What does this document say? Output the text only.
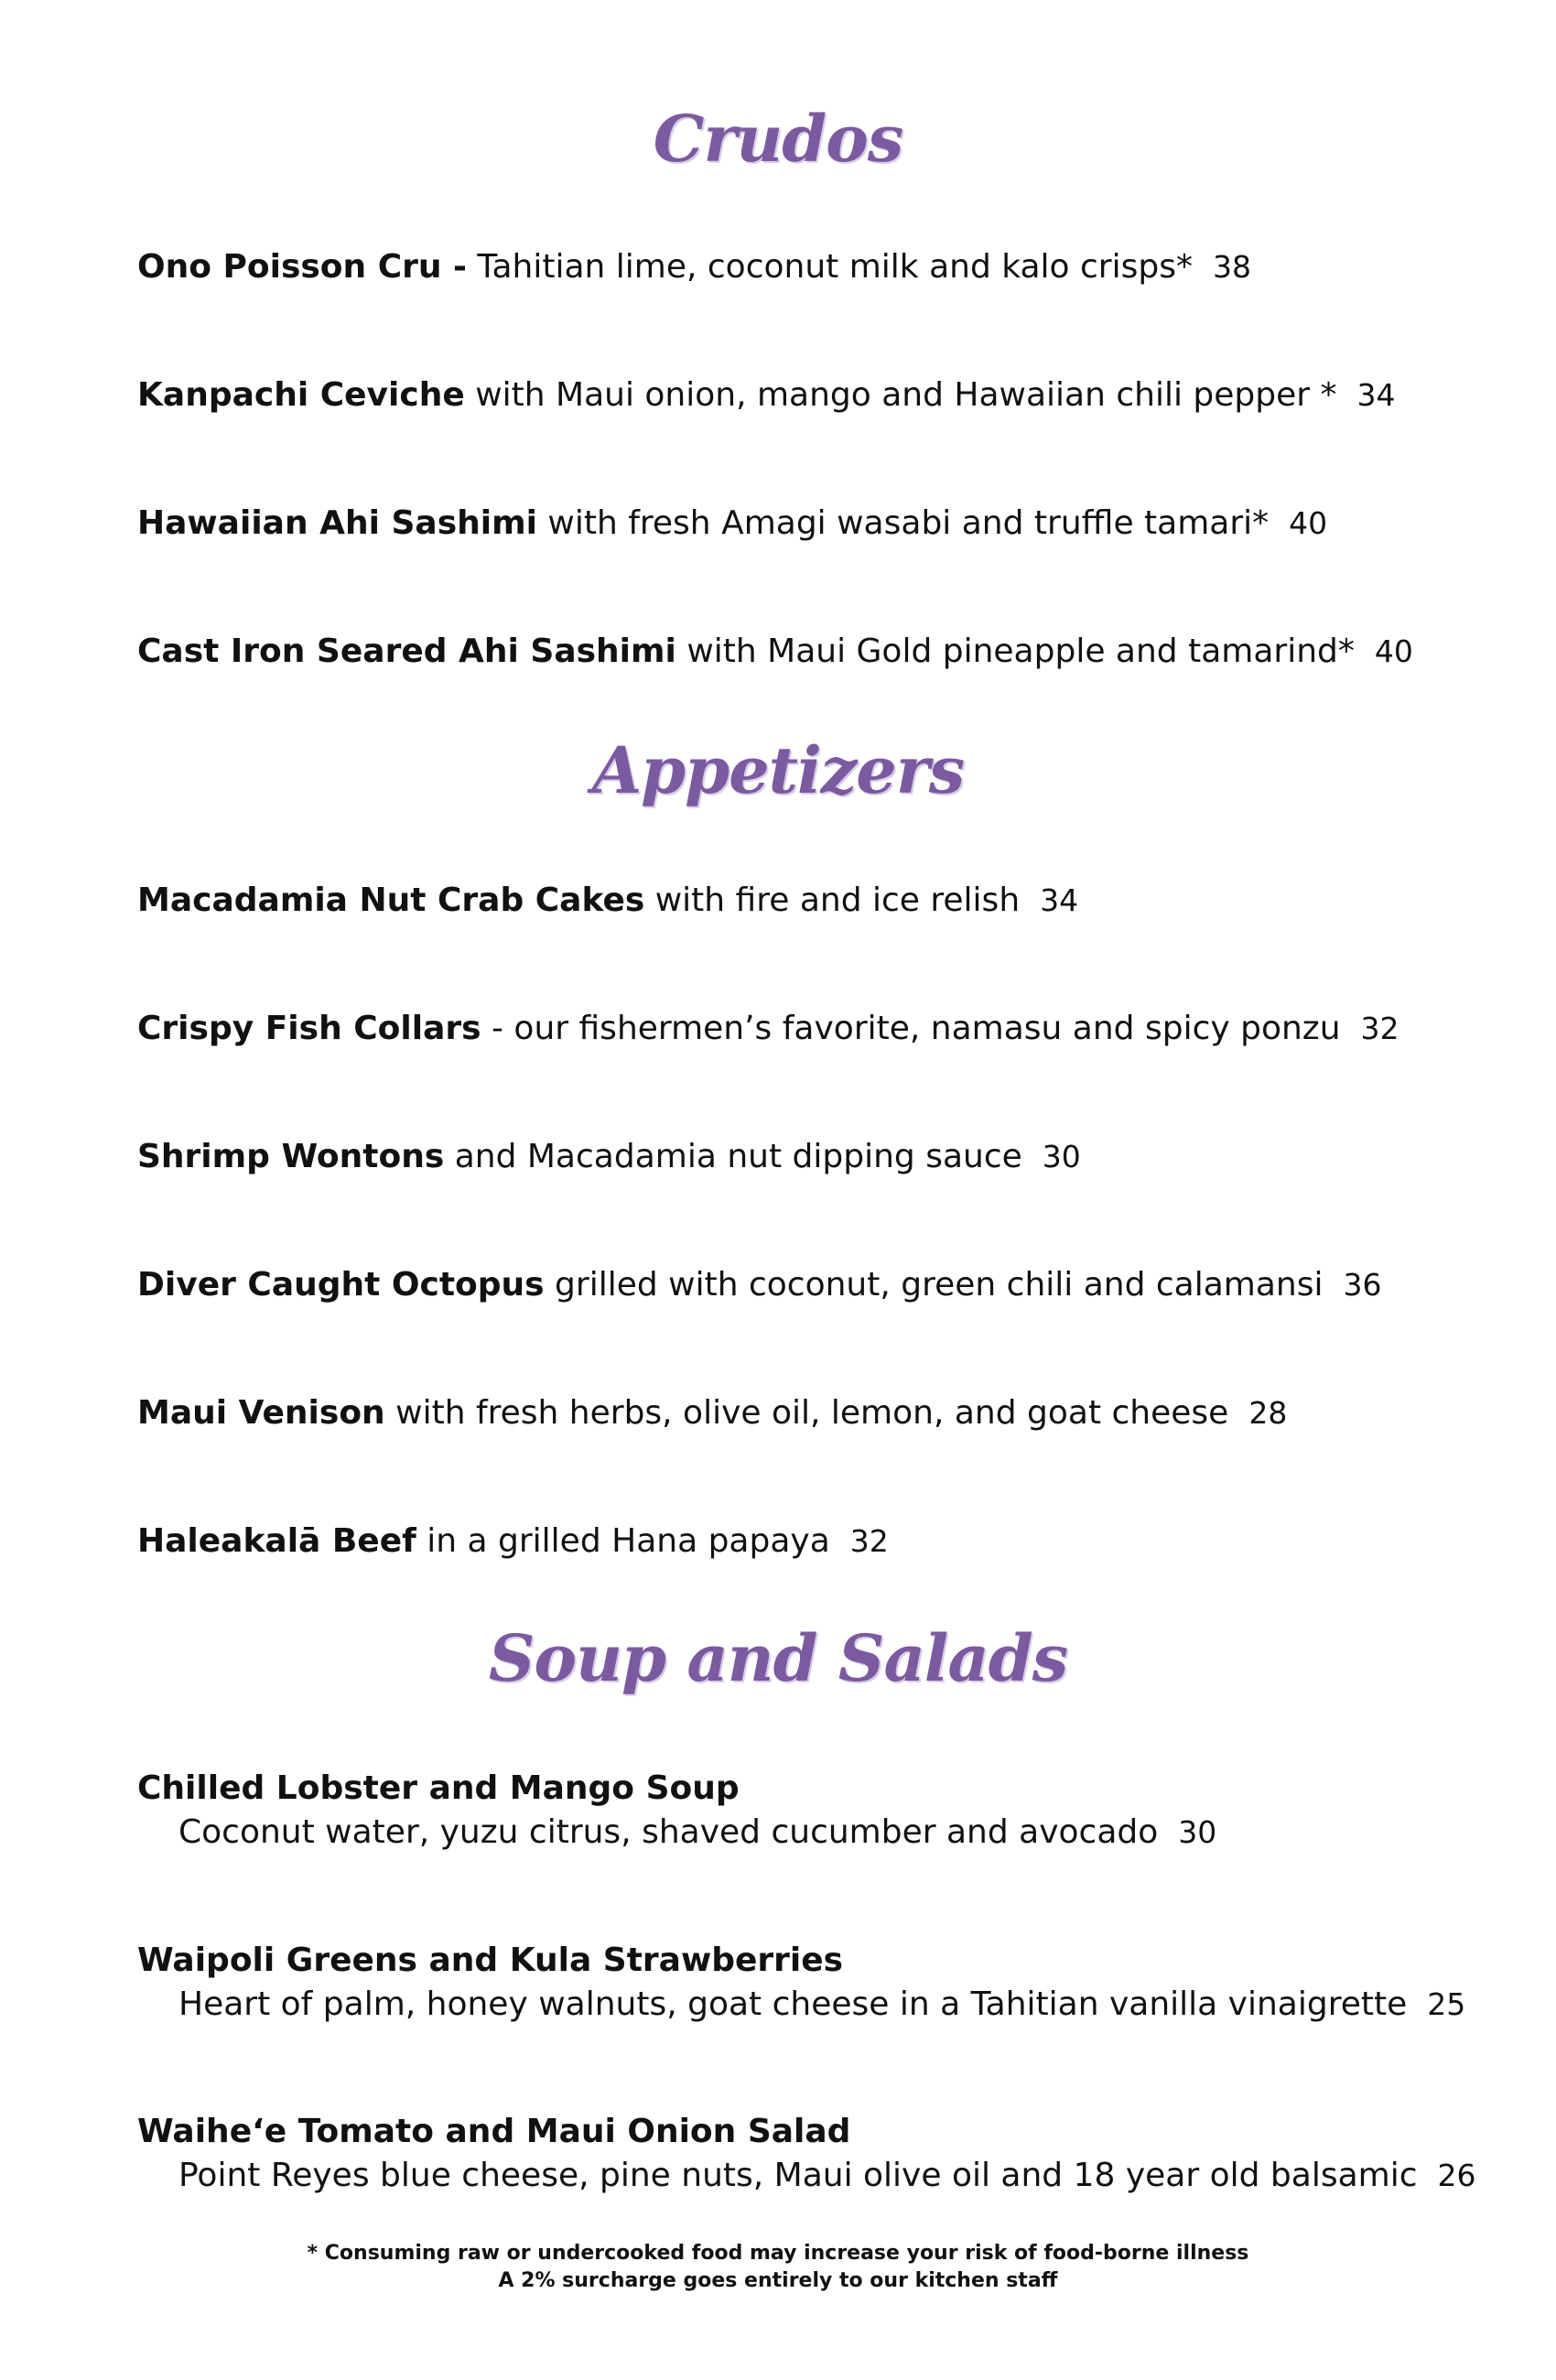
Crudos
Ono Poisson Cru - Tahitian lime, coconut milk and kalo crisps* 38
Kanpachi Ceviche with Maui onion, mango and Hawaiian chili pepper * 34
Hawaiian Ahi Sashimi with fresh Amagi wasabi and truffle tamari* 40
Cast Iron Seared Ahi Sashimi with Maui Gold pineapple and tamarind* 40
Appetizers
Macadamia Nut Crab Cakes with fire and ice relish 34
Crispy Fish Collars - our fishermen’s favorite, namasu and spicy ponzu 32
Shrimp Wontons and Macadamia nut dipping sauce 30
Diver Caught Octopus grilled with coconut, green chili and calamansi 36
Maui Venison with fresh herbs, olive oil, lemon, and goat cheese 28
Haleakalā Beef in a grilled Hana papaya 32
Soup and Salads
Chilled Lobster and Mango Soup
Coconut water, yuzu citrus, shaved cucumber and avocado 30
Waipoli Greens and Kula Strawberries
Heart of palm, honey walnuts, goat cheese in a Tahitian vanilla vinaigrette 25
Waihe‘e Tomato and Maui Onion Salad
Point Reyes blue cheese, pine nuts, Maui olive oil and 18 year old balsamic 26
* Consuming raw or undercooked food may increase your risk of food-borne illness
A 2% surcharge goes entirely to our kitchen staff
